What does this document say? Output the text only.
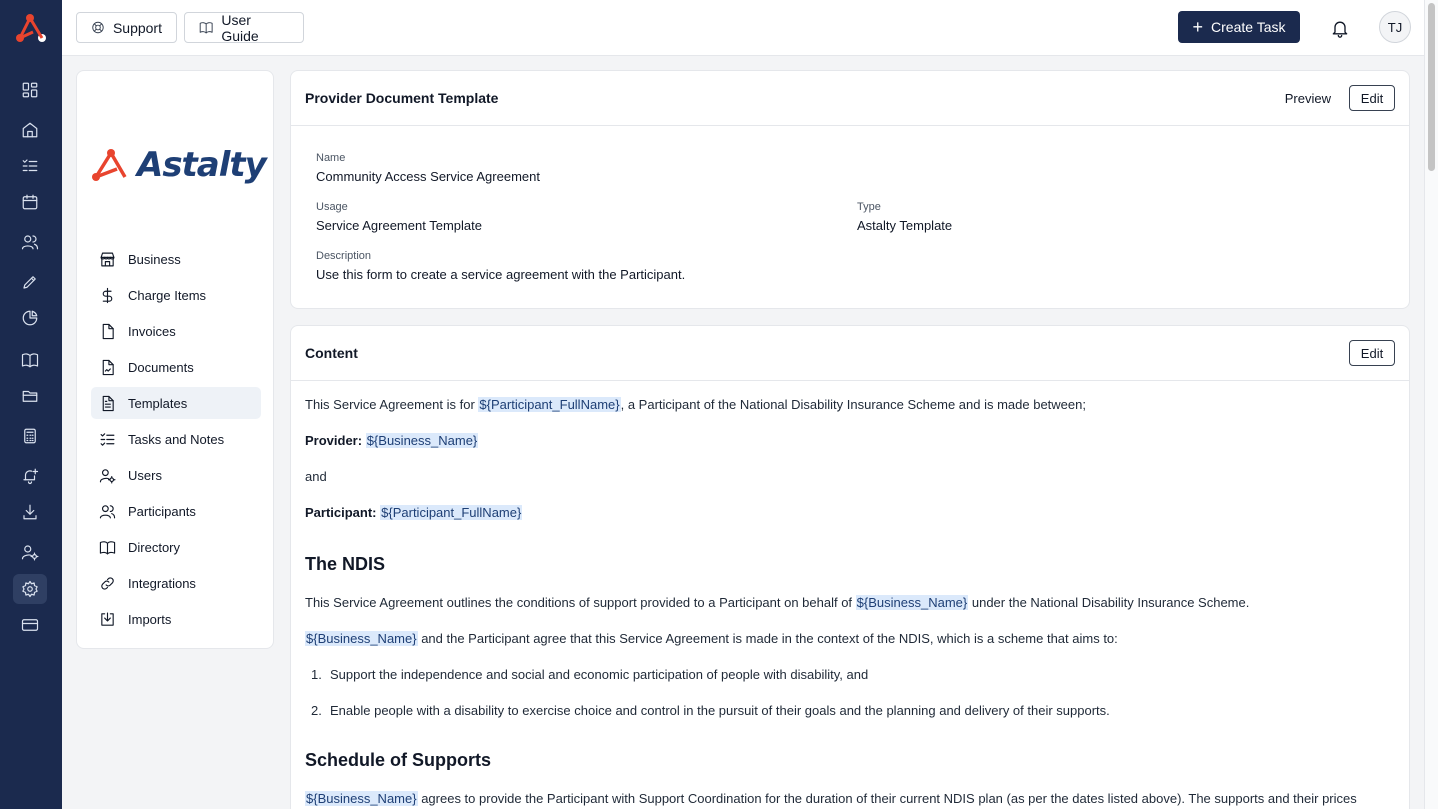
Support	User Guide	+ Create Task	TJ
Astalty
Business
Charge Items
Invoices
Documents
Templates
Tasks and Notes
Users
Participants
Directory
Integrations
Imports
Provider Document Template	Preview	Edit
Name
Community Access Service Agreement
Usage
Service Agreement Template
Type
Astalty Template
Description
Use this form to create a service agreement with the Participant.
Content	Edit

This Service Agreement is for ${Participant_FullName}, a Participant of the National Disability Insurance Scheme and is made between;

Provider: ${Business_Name}

and

Participant: ${Participant_FullName}

The NDIS

This Service Agreement outlines the conditions of support provided to a Participant on behalf of ${Business_Name} under the National Disability Insurance Scheme.

${Business_Name} and the Participant agree that this Service Agreement is made in the context of the NDIS, which is a scheme that aims to:

1. Support the independence and social and economic participation of people with disability, and
2. Enable people with a disability to exercise choice and control in the pursuit of their goals and the planning and delivery of their supports.
Schedule of Supports

${Business_Name} agrees to provide the Participant with Support Coordination for the duration of their current NDIS plan (as per the dates listed above). The supports and their prices
